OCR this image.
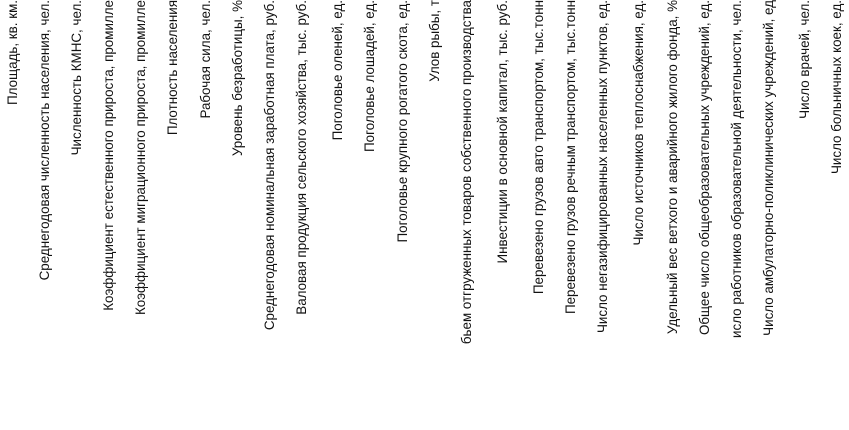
Площадь, кв. км. Среднегодовая численность населения, чел. Численность КМНС, чел. Коэффициент естественного прироста, промилле Коэффициент миграционного прироста, промилле Плотность населения Рабочая сила, чел. Уровень безработицы, % Среднегодовая номинальная заработная плата, руб. Валовая продукция сельского хозяйства, тыс. руб. Поголовье оленей, ед. Поголовье лошадей, ед. Поголовье крупного рогатого скота, ед. Улов рыбы, т бьем отгруженных товаров собственного производства Инвестиции в основной капитал, тыс. руб. Перевезено грузов авто транспортом, тыс.тонн Перевезено грузов речным транспортом, тыс.тонн Число негазифицированных населенных пунктов, ед. Число источников теплоснабжения, ед. Удельный вес ветхого и аварийного жилого фонда, % Общее число общеобразовательных учреждений, ед. исло работников образовательной деятельности, чел. Число амбулаторно-поликлинических учреждений, ед Число врачей, чел. Число больничных коек, ед.
